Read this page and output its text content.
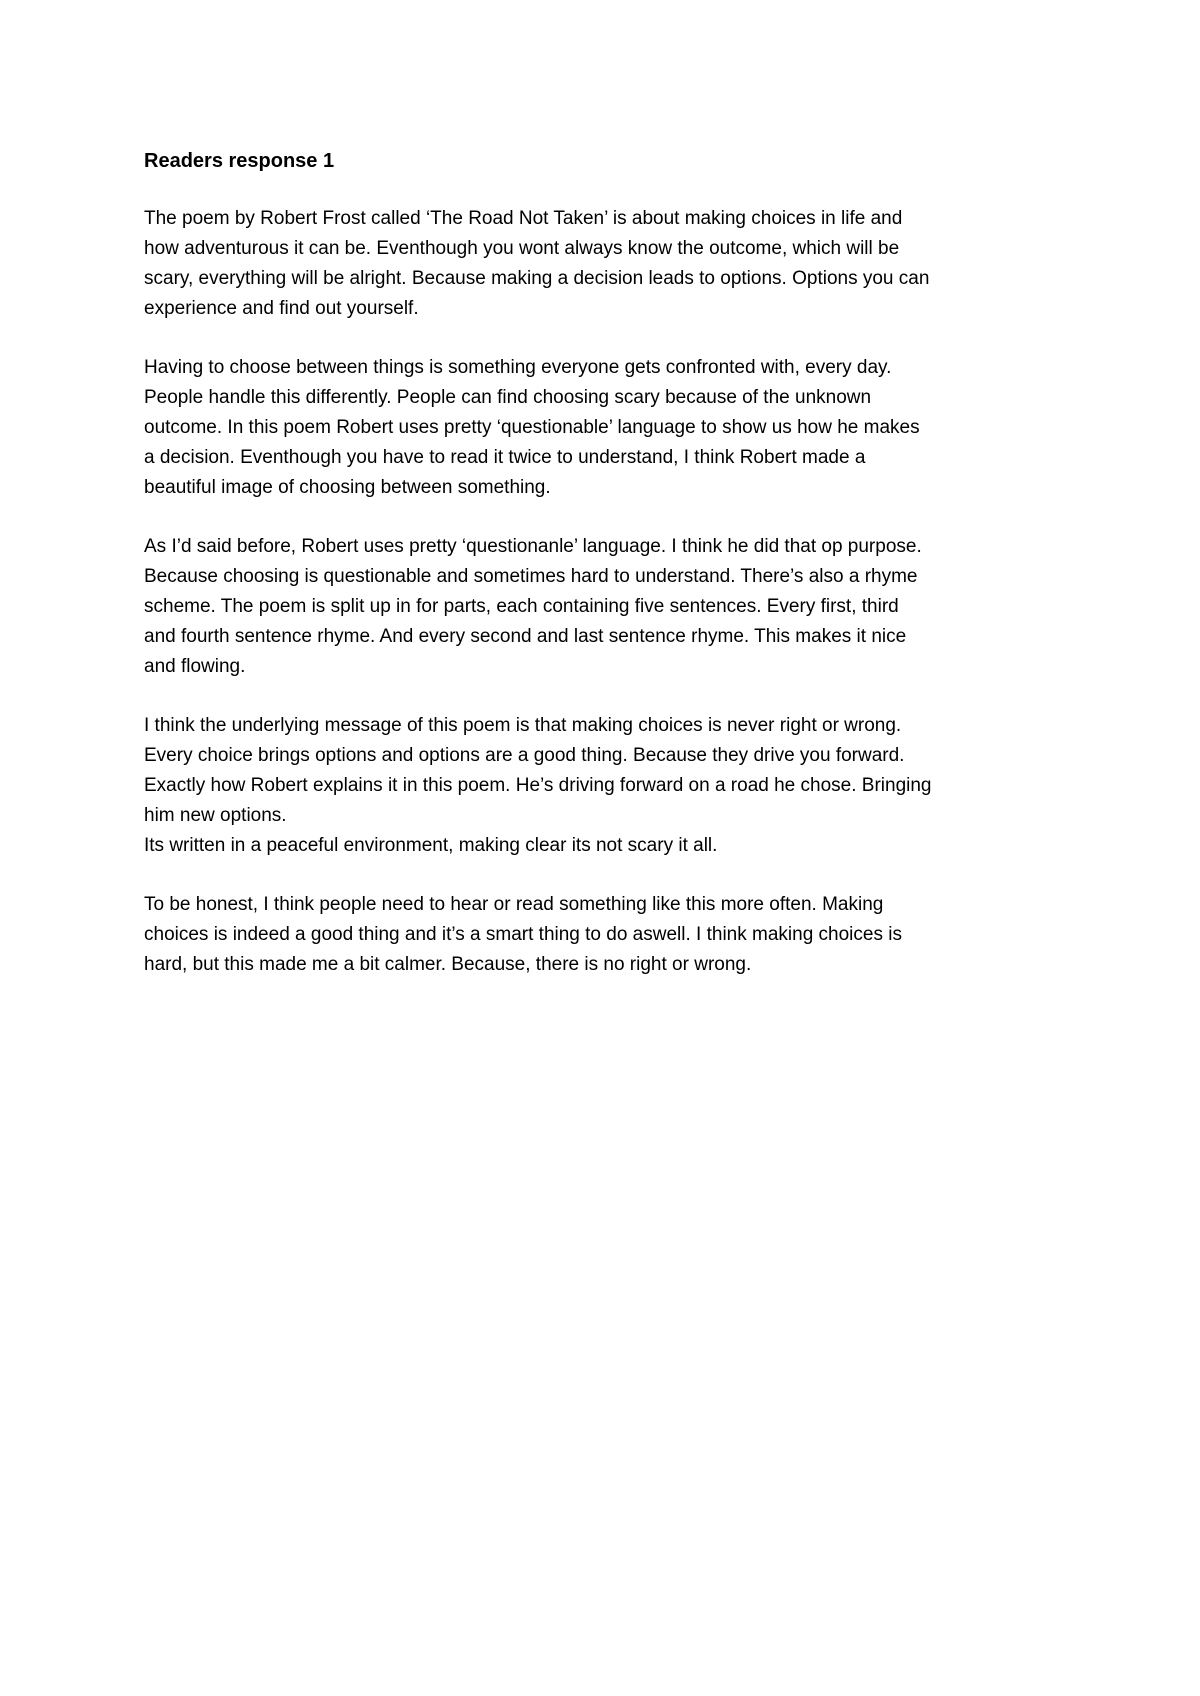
Readers response 1

The poem by Robert Frost called ‘The Road Not Taken’ is about making choices in life and
how adventurous it can be. Eventhough you wont always know the outcome, which will be
scary, everything will be alright. Because making a decision leads to options. Options you can
experience and find out yourself.

Having to choose between things is something everyone gets confronted with, every day.
People handle this differently. People can find choosing scary because of the unknown
outcome. In this poem Robert uses pretty ‘questionable’ language to show us how he makes
a decision. Eventhough you have to read it twice to understand, I think Robert made a
beautiful image of choosing between something.

As I’d said before, Robert uses pretty ‘questionanle’ language. I think he did that op purpose.
Because choosing is questionable and sometimes hard to understand. There’s also a rhyme
scheme. The poem is split up in for parts, each containing five sentences. Every first, third
and fourth sentence rhyme. And every second and last sentence rhyme. This makes it nice
and flowing.

I think the underlying message of this poem is that making choices is never right or wrong.
Every choice brings options and options are a good thing. Because they drive you forward.
Exactly how Robert explains it in this poem. He’s driving forward on a road he chose. Bringing
him new options.
Its written in a peaceful environment, making clear its not scary it all.

To be honest, I think people need to hear or read something like this more often. Making
choices is indeed a good thing and it’s a smart thing to do aswell. I think making choices is
hard, but this made me a bit calmer. Because, there is no right or wrong.
